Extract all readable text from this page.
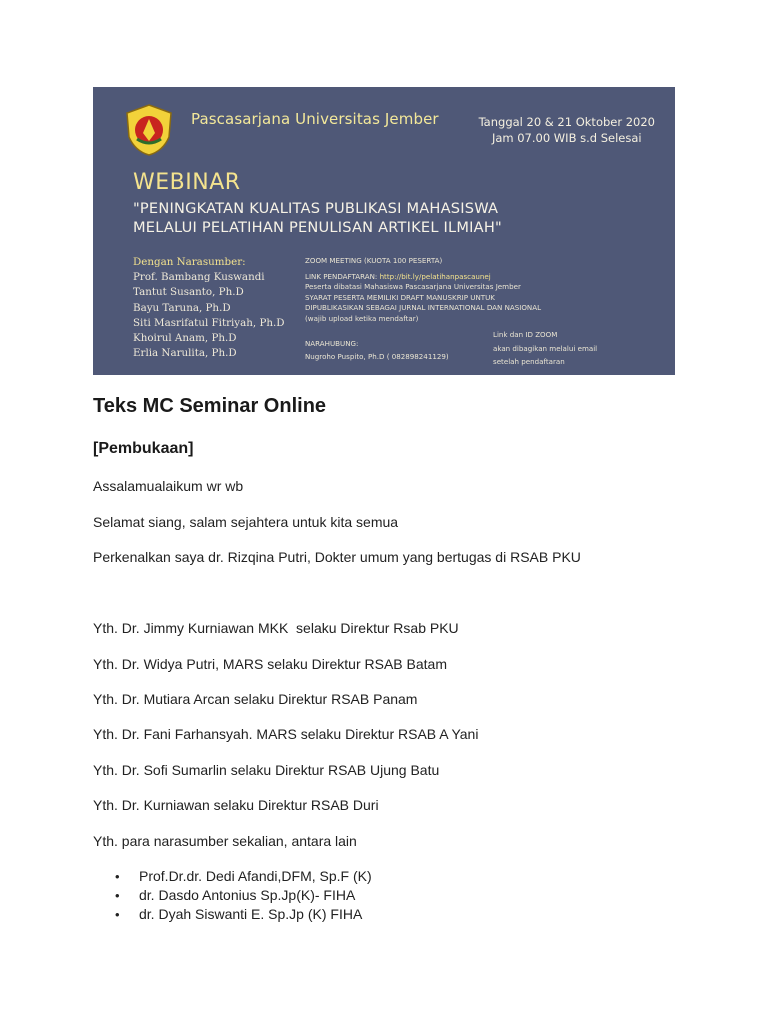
Pascasarjana Universitas Jember	Tanggal 20 & 21 Oktober 2020
Jam 07.00 WIB s.d Selesai
WEBINAR
"PENINGKATAN KUALITAS PUBLIKASI MAHASISWA
MELALUI PELATIHAN PENULISAN ARTIKEL ILMIAH"
Dengan Narasumber:
Prof. Bambang Kuswandi
Tantut Susanto, Ph.D
Bayu Taruna, Ph.D
Siti Masrifatul Fitriyah, Ph.D
Khoirul Anam, Ph.D
Erlia Narulita, Ph.D
ZOOM MEETING (KUOTA 100 PESERTA)
LINK PENDAFTARAN: http://bit.ly/pelatihanpascaunej
Peserta dibatasi Mahasiswa Pascasarjana Universitas Jember
SYARAT PESERTA MEMILIKI DRAFT MANUSKRIP UNTUK
DIPUBLIKASIKAN SEBAGAI JURNAL INTERNATIONAL DAN NASIONAL
(wajib upload ketika mendaftar)
NARAHUBUNG:
Nugroho Puspito, Ph.D ( 082898241129)
Link dan ID ZOOM
akan dibagikan melalui email
setelah pendaftaran
Teks MC Seminar Online
[Pembukaan]

Assalamualaikum wr wb

Selamat siang, salam sejahtera untuk kita semua

Perkenalkan saya dr. Rizqina Putri, Dokter umum yang bertugas di RSAB PKU

Yth. Dr. Jimmy Kurniawan MKK  selaku Direktur Rsab PKU

Yth. Dr. Widya Putri, MARS selaku Direktur RSAB Batam

Yth. Dr. Mutiara Arcan selaku Direktur RSAB Panam

Yth. Dr. Fani Farhansyah. MARS selaku Direktur RSAB A Yani

Yth. Dr. Sofi Sumarlin selaku Direktur RSAB Ujung Batu

Yth. Dr. Kurniawan selaku Direktur RSAB Duri

Yth. para narasumber sekalian, antara lain

• Prof.Dr.dr. Dedi Afandi,DFM, Sp.F (K)
• dr. Dasdo Antonius Sp.Jp(K)- FIHA
• dr. Dyah Siswanti E. Sp.Jp (K) FIHA
